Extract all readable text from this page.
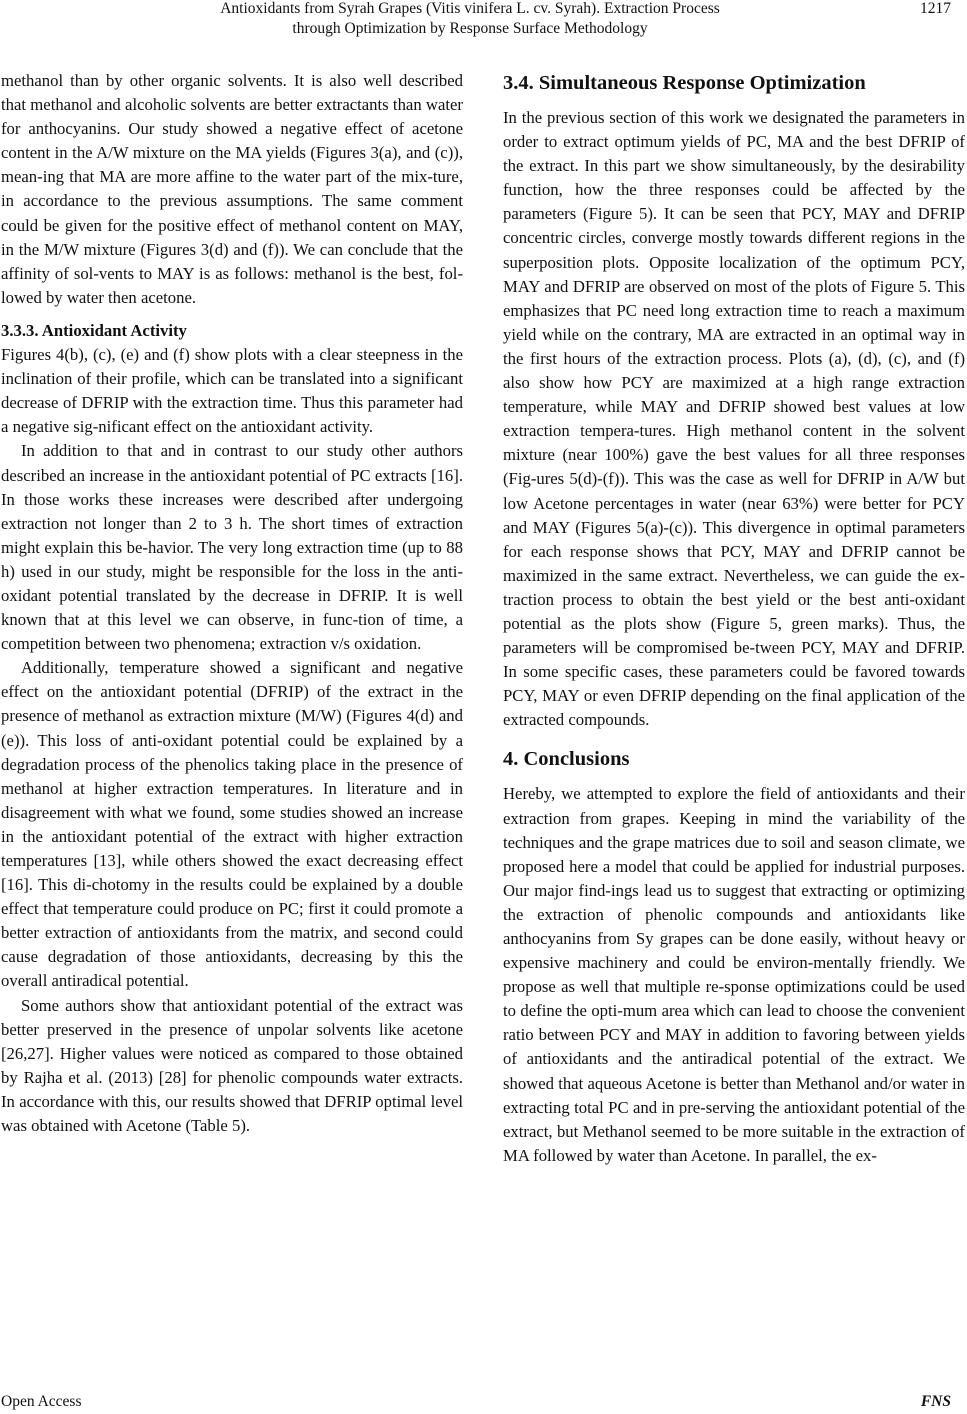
Antioxidants from Syrah Grapes (Vitis vinifera L. cv. Syrah). Extraction Process
through Optimization by Response Surface Methodology
1217

methanol than by other organic solvents. It is also well described that methanol and alcoholic solvents are better extractants than water for anthocyanins. Our study showed a negative effect of acetone content in the A/W mixture on the MA yields (Figures 3(a), and (c)), mean-ing that MA are more affine to the water part of the mix-ture, in accordance to the previous assumptions. The same comment could be given for the positive effect of methanol content on MAY, in the M/W mixture (Figures 3(d) and (f)). We can conclude that the affinity of sol-vents to MAY is as follows: methanol is the best, fol-lowed by water then acetone.

3.3.3. Antioxidant Activity

Figures 4(b), (c), (e) and (f) show plots with a clear steepness in the inclination of their profile, which can be translated into a significant decrease of DFRIP with the extraction time. Thus this parameter had a negative sig-nificant effect on the antioxidant activity.

In addition to that and in contrast to our study other authors described an increase in the antioxidant potential of PC extracts [16]. In those works these increases were described after undergoing extraction not longer than 2 to 3 h. The short times of extraction might explain this be-havior. The very long extraction time (up to 88 h) used in our study, might be responsible for the loss in the anti-oxidant potential translated by the decrease in DFRIP. It is well known that at this level we can observe, in func-tion of time, a competition between two phenomena; extraction v/s oxidation.

Additionally, temperature showed a significant and negative effect on the antioxidant potential (DFRIP) of the extract in the presence of methanol as extraction mixture (M/W) (Figures 4(d) and (e)). This loss of anti-oxidant potential could be explained by a degradation process of the phenolics taking place in the presence of methanol at higher extraction temperatures. In literature and in disagreement with what we found, some studies showed an increase in the antioxidant potential of the extract with higher extraction temperatures [13], while others showed the exact decreasing effect [16]. This di-chotomy in the results could be explained by a double effect that temperature could produce on PC; first it could promote a better extraction of antioxidants from the matrix, and second could cause degradation of those antioxidants, decreasing by this the overall antiradical potential.

Some authors show that antioxidant potential of the extract was better preserved in the presence of unpolar solvents like acetone [26,27]. Higher values were noticed as compared to those obtained by Rajha et al. (2013) [28] for phenolic compounds water extracts. In accordance with this, our results showed that DFRIP optimal level was obtained with Acetone (Table 5).

3.4. Simultaneous Response Optimization

In the previous section of this work we designated the parameters in order to extract optimum yields of PC, MA and the best DFRIP of the extract. In this part we show simultaneously, by the desirability function, how the three responses could be affected by the parameters (Figure 5). It can be seen that PCY, MAY and DFRIP concentric circles, converge mostly towards different regions in the superposition plots. Opposite localization of the optimum PCY, MAY and DFRIP are observed on most of the plots of Figure 5. This emphasizes that PC need long extraction time to reach a maximum yield while on the contrary, MA are extracted in an optimal way in the first hours of the extraction process. Plots (a), (d), (c), and (f) also show how PCY are maximized at a high range extraction temperature, while MAY and DFRIP showed best values at low extraction tempera-tures. High methanol content in the solvent mixture (near 100%) gave the best values for all three responses (Fig-ures 5(d)-(f)). This was the case as well for DFRIP in A/W but low Acetone percentages in water (near 63%) were better for PCY and MAY (Figures 5(a)-(c)). This divergence in optimal parameters for each response shows that PCY, MAY and DFRIP cannot be maximized in the same extract. Nevertheless, we can guide the ex-traction process to obtain the best yield or the best anti-oxidant potential as the plots show (Figure 5, green marks). Thus, the parameters will be compromised be-tween PCY, MAY and DFRIP. In some specific cases, these parameters could be favored towards PCY, MAY or even DFRIP depending on the final application of the extracted compounds.

4. Conclusions

Hereby, we attempted to explore the field of antioxidants and their extraction from grapes. Keeping in mind the variability of the techniques and the grape matrices due to soil and season climate, we proposed here a model that could be applied for industrial purposes. Our major find-ings lead us to suggest that extracting or optimizing the extraction of phenolic compounds and antioxidants like anthocyanins from Sy grapes can be done easily, without heavy or expensive machinery and could be environ-mentally friendly. We propose as well that multiple re-sponse optimizations could be used to define the opti-mum area which can lead to choose the convenient ratio between PCY and MAY in addition to favoring between yields of antioxidants and the antiradical potential of the extract. We showed that aqueous Acetone is better than Methanol and/or water in extracting total PC and in pre-serving the antioxidant potential of the extract, but Methanol seemed to be more suitable in the extraction of MA followed by water than Acetone. In parallel, the ex-

Open Access	FNS
